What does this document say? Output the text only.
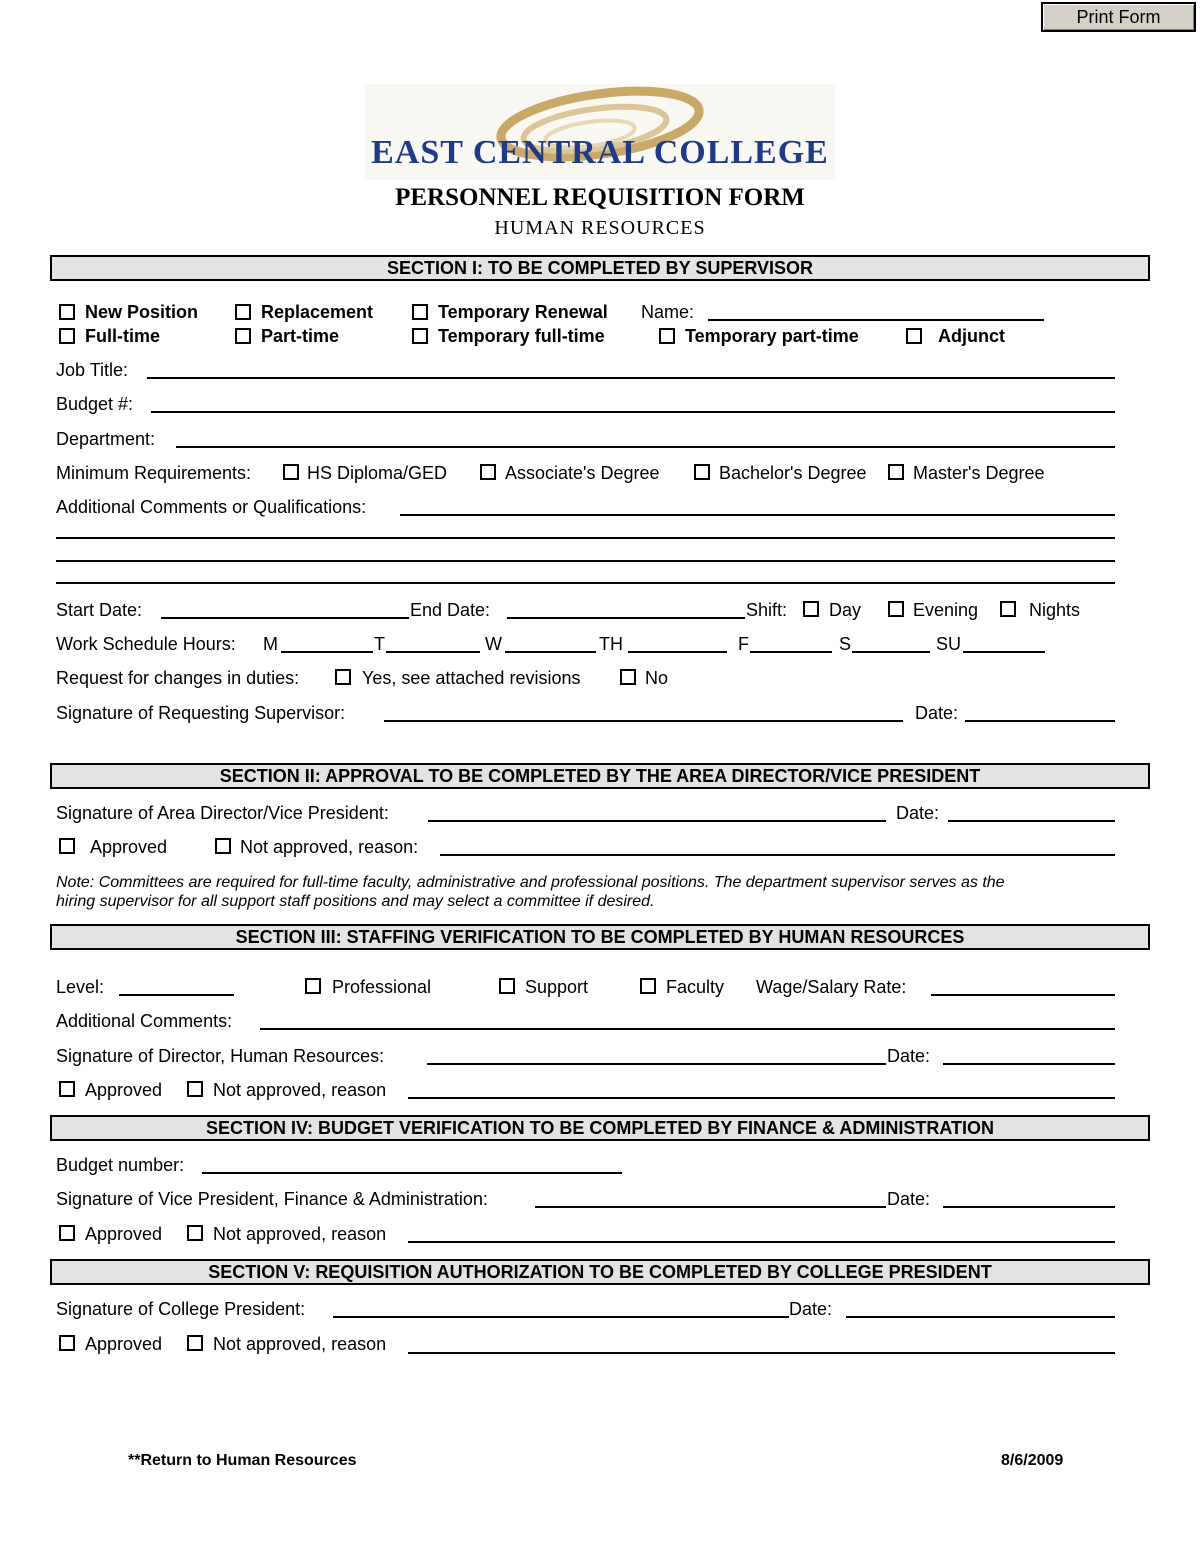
Print Form
EAST CENTRAL COLLEGE
PERSONNEL REQUISITION FORM
HUMAN RESOURCES
SECTION I: TO BE COMPLETED BY SUPERVISOR
New Position	Replacement	Temporary Renewal Name:
Full-time	Part-time	Temporary full-time	Temporary part-time	Adjunct
Job Title:
Budget #:
Department:
Minimum Requirements:	HS Diploma/GED	Associate's Degree	Bachelor's Degree	Master's Degree
Additional Comments or Qualifications:
Start Date:	End Date:	Shift: Day	Evening	Nights
Work Schedule Hours: M	T	W	TH	F	S	SU
Request for changes in duties:	Yes, see attached revisions	No
Signature of Requesting Supervisor:	Date:
SECTION II: APPROVAL TO BE COMPLETED BY THE AREA DIRECTOR/VICE PRESIDENT
Signature of Area Director/Vice President:	Date:
Approved	Not approved, reason:
Note: Committees are required for full-time faculty, administrative and professional positions. The department supervisor serves as the
hiring supervisor for all support staff positions and may select a committee if desired.
SECTION III: STAFFING VERIFICATION TO BE COMPLETED BY HUMAN RESOURCES
Level:	Professional	Support	Faculty Wage/Salary Rate:
Additional Comments:
Signature of Director, Human Resources:	Date:
Approved	Not approved, reason
SECTION IV: BUDGET VERIFICATION TO BE COMPLETED BY FINANCE & ADMINISTRATION
Budget number:
Signature of Vice President, Finance & Administration:	Date:
Approved	Not approved, reason
SECTION V: REQUISITION AUTHORIZATION TO BE COMPLETED BY COLLEGE PRESIDENT
Signature of College President:	Date:
Approved	Not approved, reason
**Return to Human Resources	8/6/2009
